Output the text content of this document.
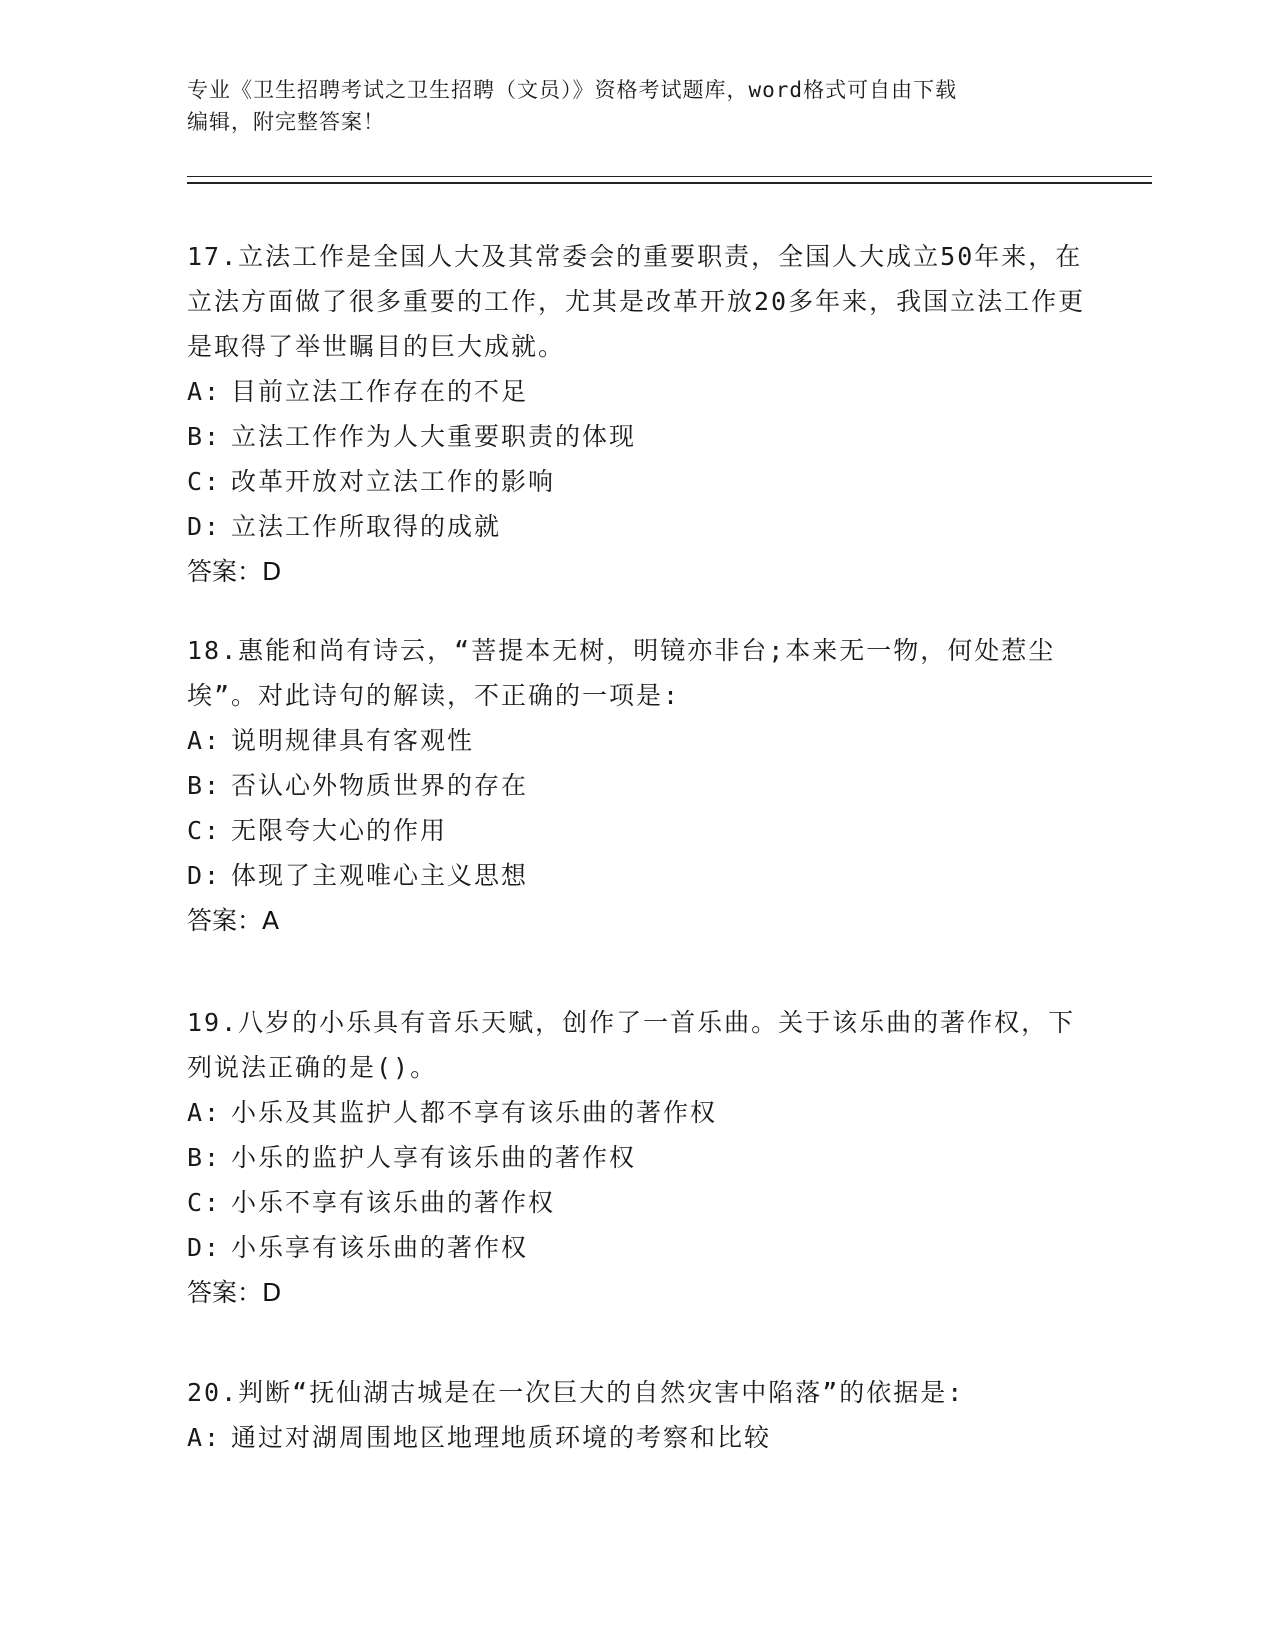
专业《卫生招聘考试之卫生招聘（文员）》资格考试题库，word格式可自由下载
编辑，附完整答案！

17.立法工作是全国人大及其常委会的重要职责，全国人大成立50年来，在立法方面做了很多重要的工作，尤其是改革开放20多年来，我国立法工作更是取得了举世瞩目的巨大成就。

A: 目前立法工作存在的不足

B: 立法工作作为人大重要职责的体现

C: 改革开放对立法工作的影响

D: 立法工作所取得的成就

答案：D

18.惠能和尚有诗云，“菩提本无树，明镜亦非台;本来无一物，何处惹尘埃”。对此诗句的解读，不正确的一项是:

A: 说明规律具有客观性

B: 否认心外物质世界的存在

C: 无限夸大心的作用

D: 体现了主观唯心主义思想

答案：A

19.八岁的小乐具有音乐天赋，创作了一首乐曲。关于该乐曲的著作权，下列说法正确的是()。

A: 小乐及其监护人都不享有该乐曲的著作权

B: 小乐的监护人享有该乐曲的著作权

C: 小乐不享有该乐曲的著作权

D: 小乐享有该乐曲的著作权

答案：D

20.判断“抚仙湖古城是在一次巨大的自然灾害中陷落”的依据是:

A: 通过对湖周围地区地理地质环境的考察和比较
